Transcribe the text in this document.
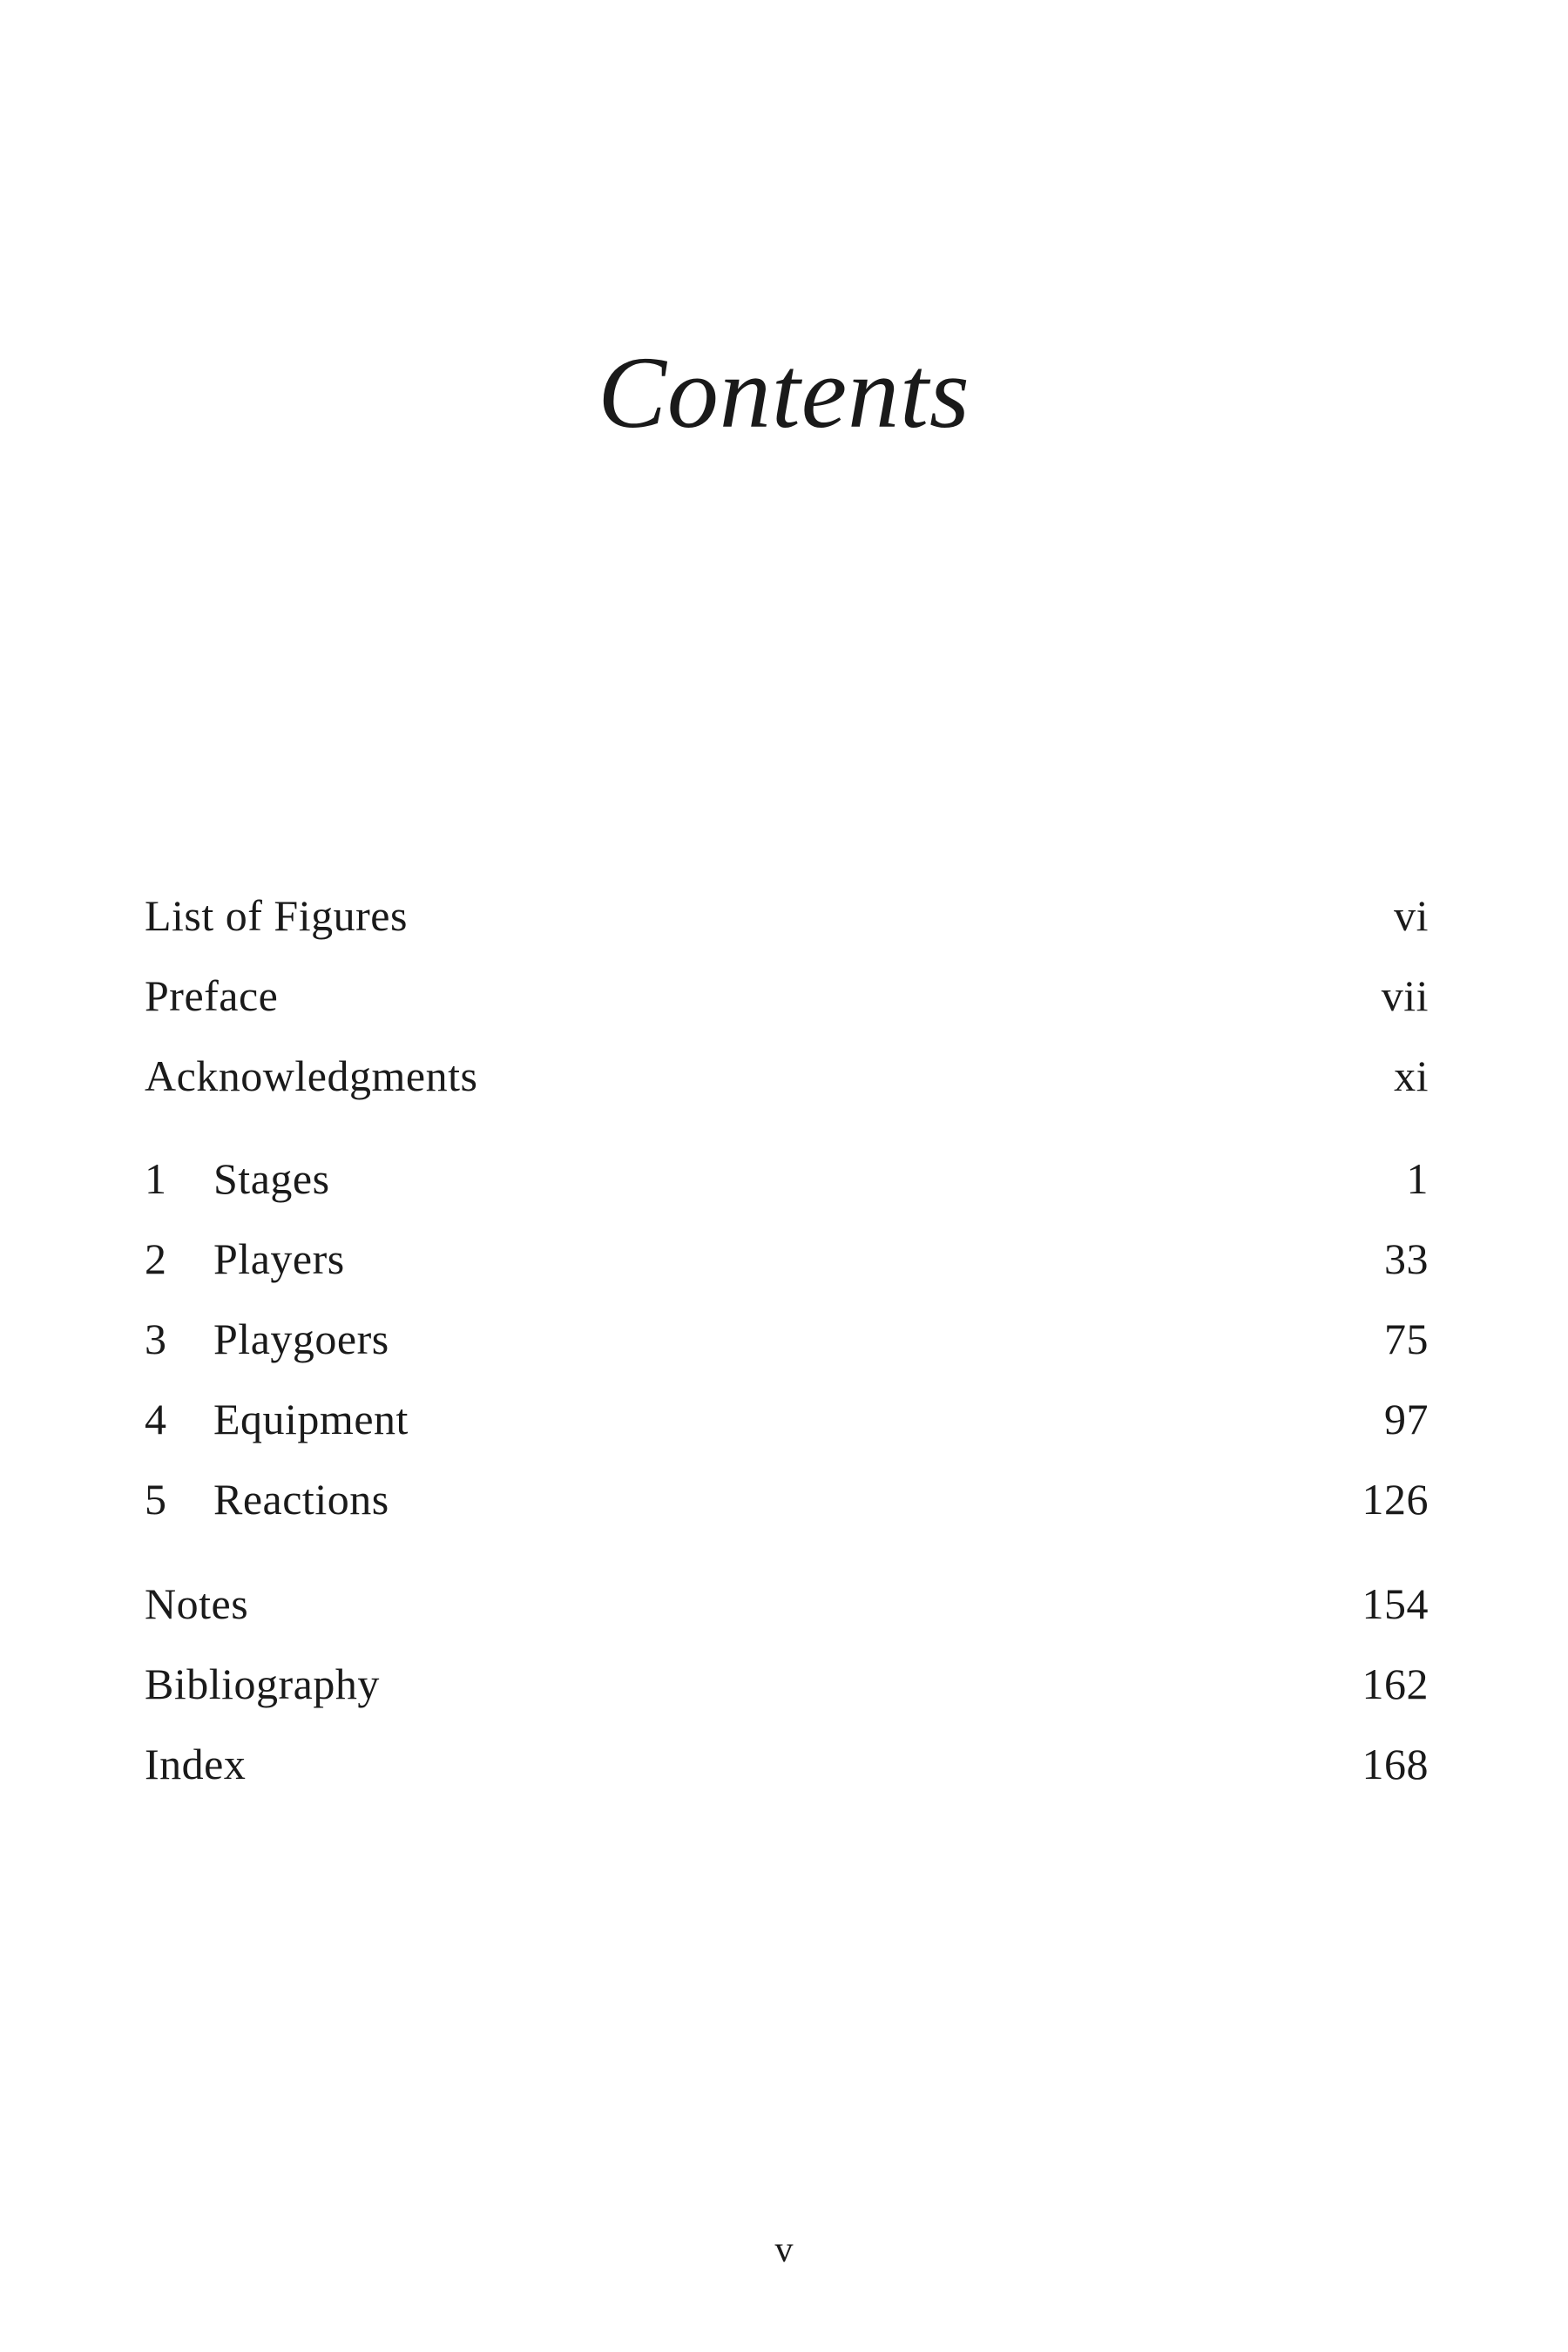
Contents
List of Figures	vi
Preface	vii
Acknowledgments	xi
1	Stages	1
2	Players	33
3	Playgoers	75
4	Equipment	97
5	Reactions	126
Notes	154
Bibliography	162
Index	168
v
